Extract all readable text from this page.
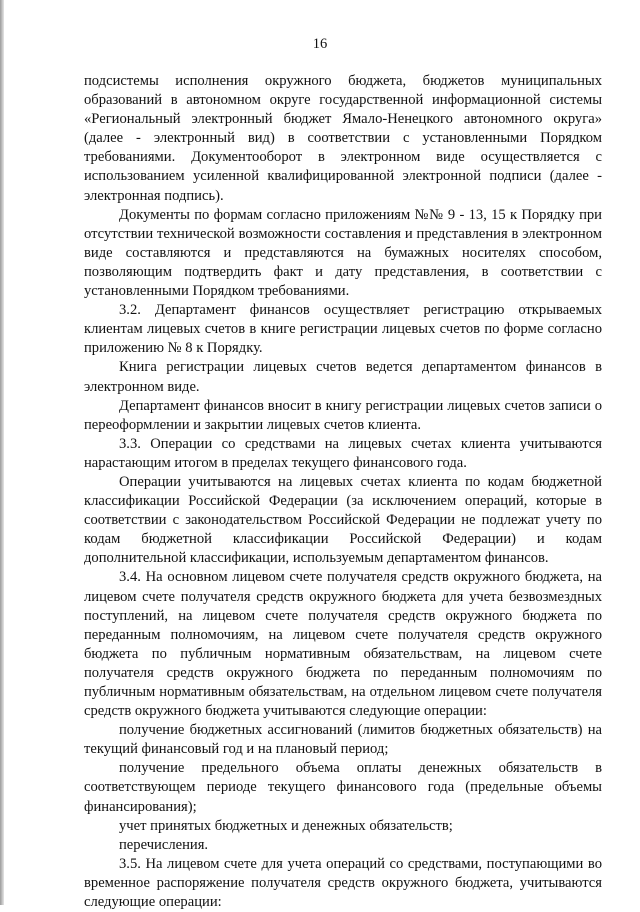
16

подсистемы исполнения окружного бюджета, бюджетов муниципальных образований в автономном округе государственной информационной системы «Региональный электронный бюджет Ямало-Ненецкого автономного округа» (далее - электронный вид) в соответствии с установленными Порядком требованиями. Документооборот в электронном виде осуществляется с использованием усиленной квалифицированной электронной подписи (далее - электронная подпись).

Документы по формам согласно приложениям №№ 9 - 13, 15 к Порядку при отсутствии технической возможности составления и представления в электронном виде составляются и представляются на бумажных носителях способом, позволяющим подтвердить факт и дату представления, в соответствии с установленными Порядком требованиями.

3.2. Департамент финансов осуществляет регистрацию открываемых клиентам лицевых счетов в книге регистрации лицевых счетов по форме согласно приложению № 8 к Порядку.

Книга регистрации лицевых счетов ведется департаментом финансов в электронном виде.

Департамент финансов вносит в книгу регистрации лицевых счетов записи о переоформлении и закрытии лицевых счетов клиента.

3.3. Операции со средствами на лицевых счетах клиента учитываются нарастающим итогом в пределах текущего финансового года.

Операции учитываются на лицевых счетах клиента по кодам бюджетной классификации Российской Федерации (за исключением операций, которые в соответствии с законодательством Российской Федерации не подлежат учету по кодам бюджетной классификации Российской Федерации) и кодам дополнительной классификации, используемым департаментом финансов.

3.4. На основном лицевом счете получателя средств окружного бюджета, на лицевом счете получателя средств окружного бюджета для учета безвозмездных поступлений, на лицевом счете получателя средств окружного бюджета по переданным полномочиям, на лицевом счете получателя средств окружного бюджета по публичным нормативным обязательствам, на лицевом счете получателя средств окружного бюджета по переданным полномочиям по публичным нормативным обязательствам, на отдельном лицевом счете получателя средств окружного бюджета учитываются следующие операции:

получение бюджетных ассигнований (лимитов бюджетных обязательств) на текущий финансовый год и на плановый период;

получение предельного объема оплаты денежных обязательств в соответствующем периоде текущего финансового года (предельные объемы финансирования);

учет принятых бюджетных и денежных обязательств;

перечисления.

3.5. На лицевом счете для учета операций со средствами, поступающими во временное распоряжение получателя средств окружного бюджета, учитываются следующие операции:
